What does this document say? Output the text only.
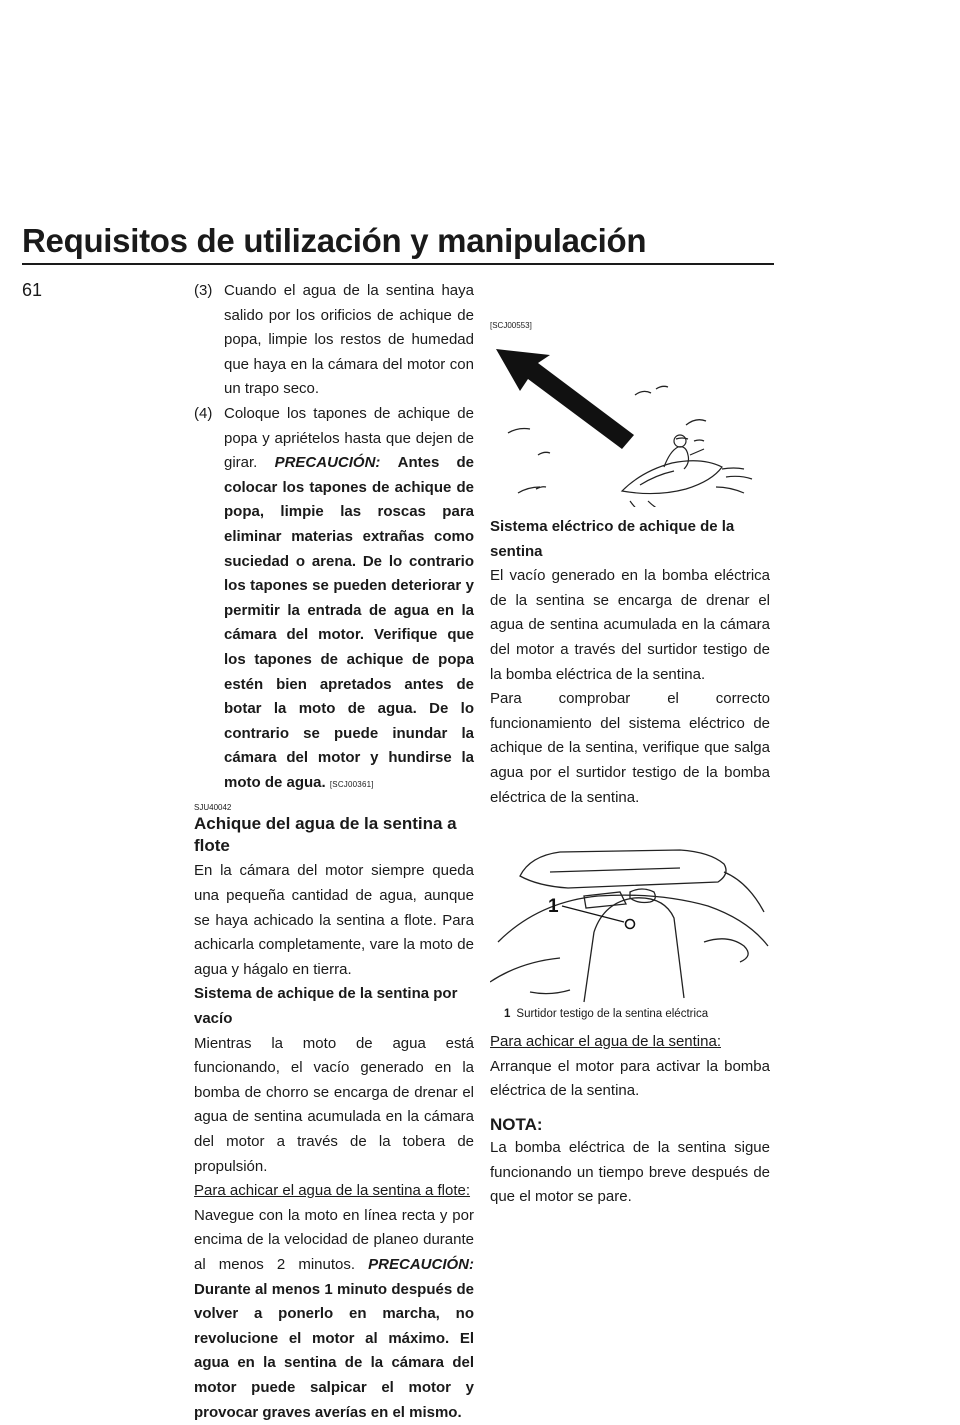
Requisitos de utilización y manipulación
61	(3) Cuando el agua de la sentina haya salido por los orificios de achique de popa, limpie los restos de humedad que haya en la cámara del motor con un trapo seco.
(4) Coloque los tapones de achique de popa y apriételos hasta que dejen de girar. PRECAUCIÓN: Antes de colocar los tapones de achique de popa, limpie las roscas para eliminar materias extrañas como suciedad o arena. De lo contrario los tapones se pueden deteriorar y permitir la entrada de agua en la cámara del motor. Verifique que los tapones de achique de popa estén bien apretados antes de botar la moto de agua. De lo contrario se puede inundar la cámara del motor y hundirse la moto de agua. [SCJ00361]
SJU40042
Achique del agua de la sentina a flote

En la cámara del motor siempre queda una pequeña cantidad de agua, aunque se haya achicado la sentina a flote. Para achicarla completamente, vare la moto de agua y hágalo en tierra.

Sistema de achique de la sentina por vacío

Mientras la moto de agua está funcionando, el vacío generado en la bomba de chorro se encarga de drenar el agua de sentina acumulada en la cámara del motor a través de la tobera de propulsión.

Para achicar el agua de la sentina a flote:

Navegue con la moto en línea recta y por encima de la velocidad de planeo durante al menos 2 minutos. PRECAUCIÓN: Durante al menos 1 minuto después de volver a ponerlo en marcha, no revolucione el motor al máximo. El agua en la sentina de la cámara del motor puede salpicar el motor y provocar graves averías en el mismo.

[SCJ00553]
Sistema eléctrico de achique de la sentina

El vacío generado en la bomba eléctrica de la sentina se encarga de drenar el agua de sentina acumulada en la cámara del motor a través del surtidor testigo de la bomba eléctrica de la sentina.

Para comprobar el correcto funcionamiento del sistema eléctrico de achique de la sentina, verifique que salga agua por el surtidor testigo de la bomba eléctrica de la sentina.

1
1 Surtidor testigo de la sentina eléctrica
Para achicar el agua de la sentina:

Arranque el motor para activar la bomba eléctrica de la sentina.

NOTA:

La bomba eléctrica de la sentina sigue funcionando un tiempo breve después de que el motor se pare.
